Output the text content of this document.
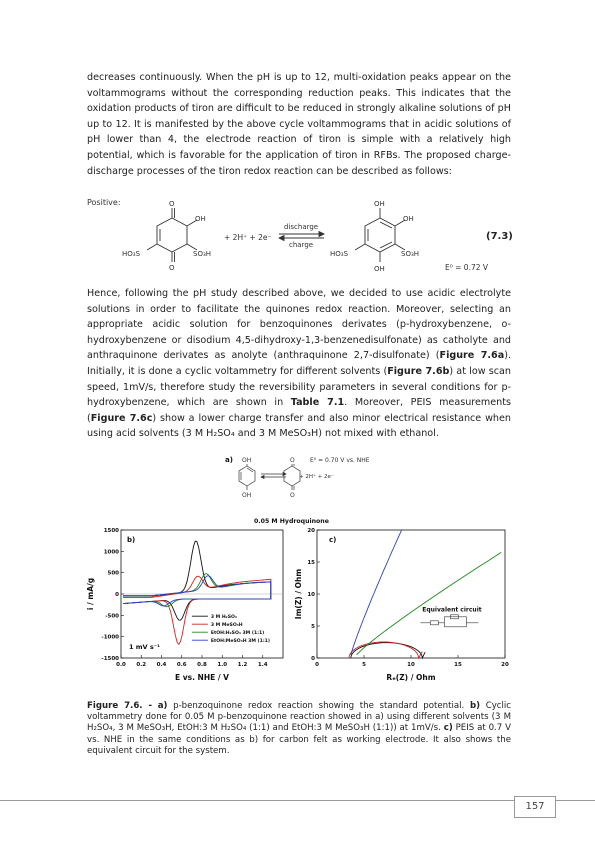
decreases continuously. When the pH is up to 12, multi-oxidation peaks appear on the voltammograms without the corresponding reduction peaks. This indicates that the oxidation products of tiron are difficult to be reduced in strongly alkaline solutions of pH up to 12. It is manifested by the above cycle voltammograms that in acidic solutions of pH lower than 4, the electrode reaction of tiron is simple with a relatively high potential, which is favorable for the application of tiron in RFBs. The proposed charge-discharge processes of the tiron redox reaction can be described as follows:

Positive:	O
O
OH
SO₃H
HO₃S
+ 2H⁺ + 2e⁻
discharge
charge
OH
OH
OH
SO₃H
HO₃S
E⁰ = 0.72 V
(7.3)

Hence, following the pH study described above, we decided to use acidic electrolyte solutions in order to facilitate the quinones redox reaction. Moreover, selecting an appropriate acidic solution for benzoquinones derivates (p-hydroxybenzene, o-hydroxybenzene or disodium 4,5-dihydroxy-1,3-benzenedisulfonate) as catholyte and anthraquinone derivates as anolyte (anthraquinone 2,7-disulfonate) (Figure 7.6a). Initially, it is done a cyclic voltammetry for different solvents (Figure 7.6b) at low scan speed, 1mV/s, therefore study the reversibility parameters in several conditions for p-hydroxybenzene, which are shown in Table 7.1. Moreover, PEIS measurements (Figure 7.6c) show a lower charge transfer and also minor electrical resistance when using acid solvents (3 M H₂SO₄ and 3 M MeSO₃H) not mixed with ethanol.

a) OH
OH
O
O
+ 2H⁺ + 2e⁻
E⁰ = 0.70 V vs. NHE
0.05 M Hydroquinone
0.0 0.2 0.4 0.6 0.8 1.0 1.2 1.4
1500
1000
500
0
-500
-1000
-1500
b)
E vs. NHE / V
i / mA/g
1 mV s⁻¹
3 M H₂SO₄
3 M MeSO₃H
EtOH:H₂SO₄ 3M (1:1)
EtOH:MeSO₃H 3M (1:1)
0	5	10	15	20
0
5
10
15
20
c)
Rₑ(Z) / Ohm
Im(Z) / Ohm	Equivalent circuit

Figure 7.6. - a) p-benzoquinone redox reaction showing the standard potential. b) Cyclic voltammetry done for 0.05 M p-benzoquinone reaction showed in a) using different solvents (3 M H₂SO₄, 3 M MeSO₃H, EtOH:3 M H₂SO₄ (1:1) and EtOH:3 M MeSO₃H (1:1)) at 1mV/s. c) PEIS at 0.7 V vs. NHE in the same conditions as b) for carbon felt as working electrode. It also shows the equivalent circuit for the system.

157
